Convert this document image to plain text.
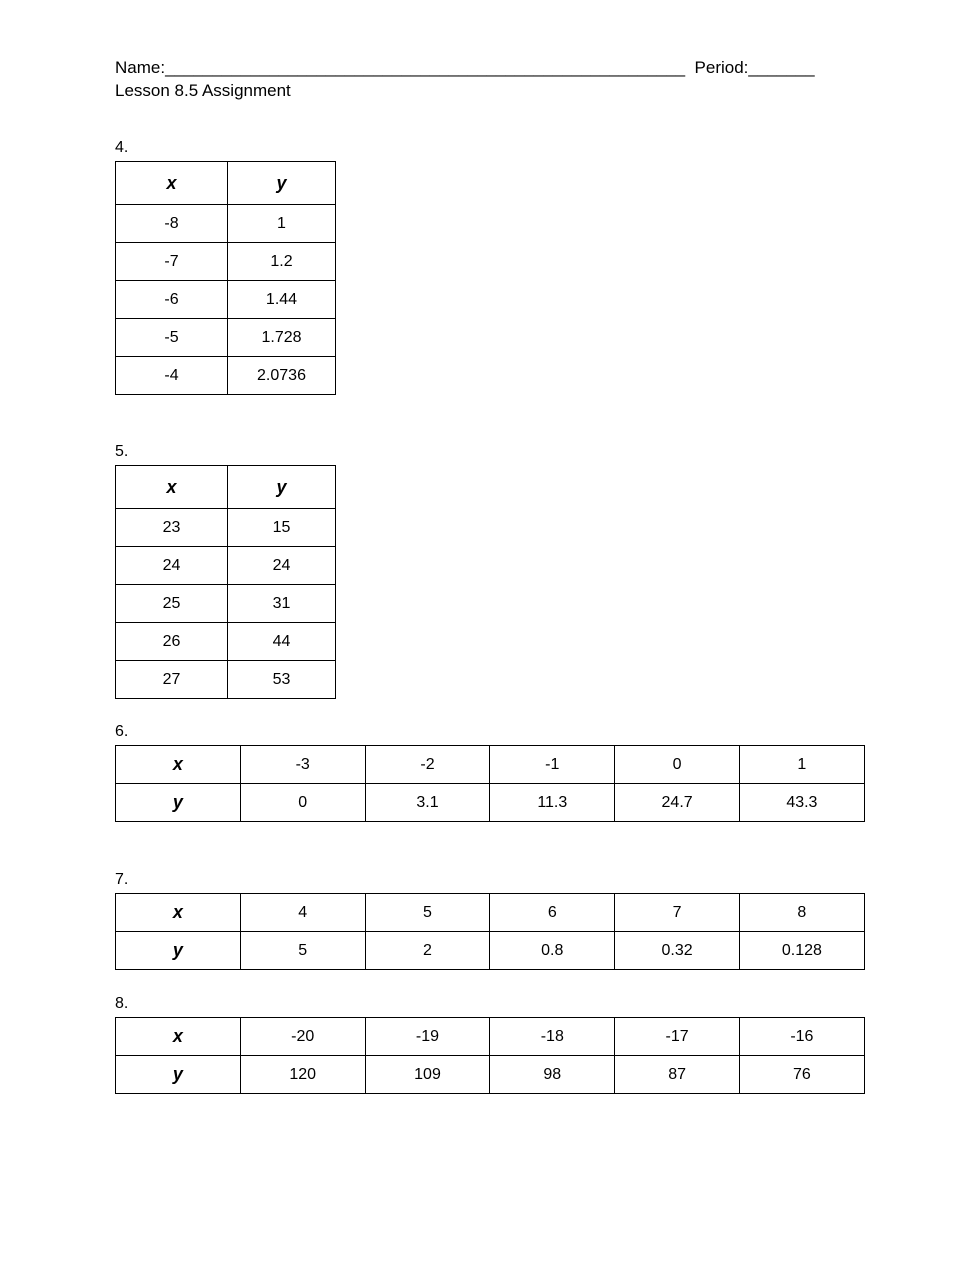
Name:_______________________________________________________  Period:_______
Lesson 8.5 Assignment
4.
x	y
-8	1
-7	1.2
-6	1.44
-5	1.728
-4	2.0736
5.
x	y
23	15
24	24
25	31
26	44
27	53
6.
x	-3	-2	-1	0	1
y	0	3.1	11.3	24.7	43.3
7.
x	4	5	6	7	8
y	5	2	0.8	0.32	0.128
8.
x	-20	-19	-18	-17	-16
y	120	109	98	87	76
